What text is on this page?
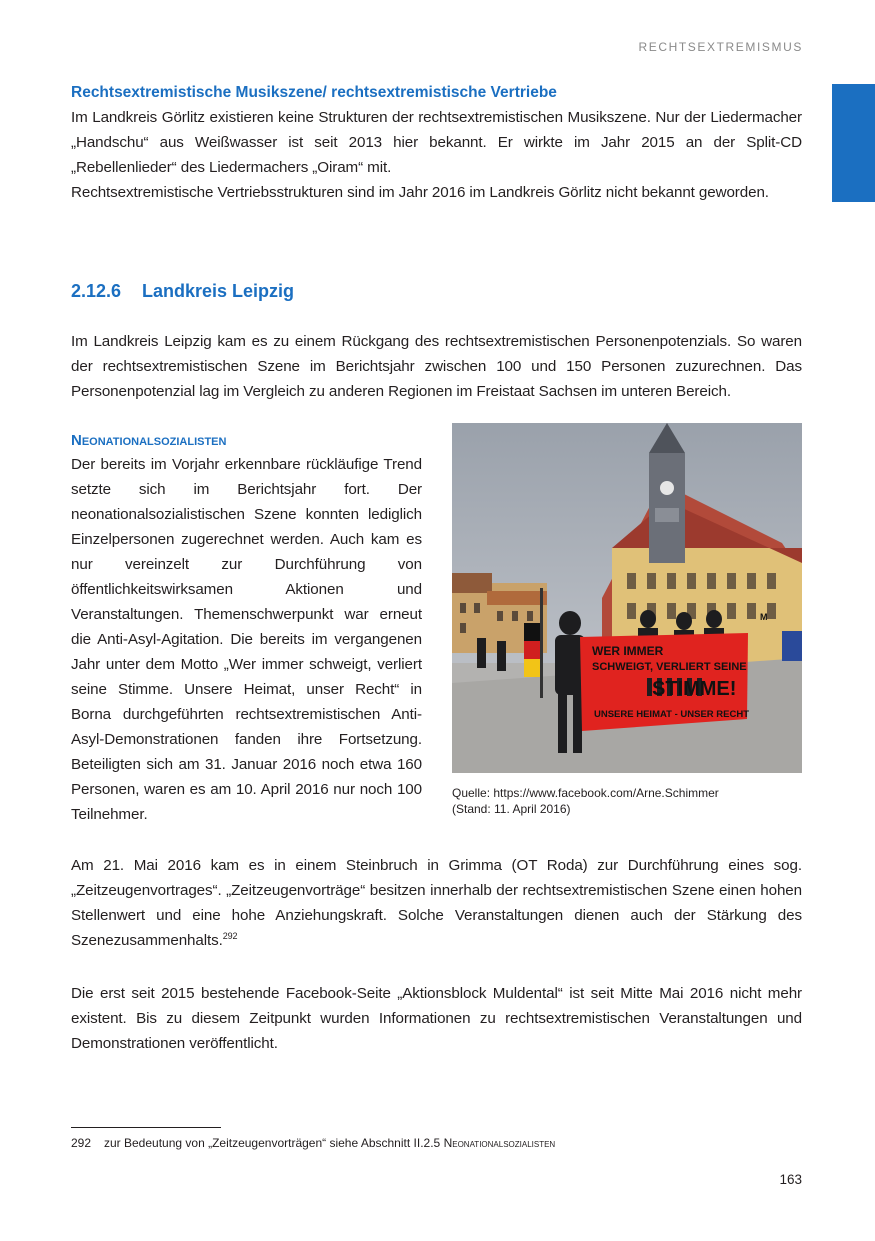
RECHTSEXTREMISMUS
Rechtsextremistische Musikszene/ rechtsextremistische Vertriebe

Im Landkreis Görlitz existieren keine Strukturen der rechtsextremistischen Musikszene. Nur der Liedermacher „Handschu“ aus Weißwasser ist seit 2013 hier bekannt. Er wirkte im Jahr 2015 an der Split-CD „Rebellenlieder“ des Liedermachers „Oiram“ mit.

Rechtsextremistische Vertriebsstrukturen sind im Jahr 2016 im Landkreis Görlitz nicht bekannt geworden.

2.12.6 Landkreis Leipzig

Im Landkreis Leipzig kam es zu einem Rückgang des rechtsextremistischen Personenpotenzials. So waren der rechtsextremistischen Szene im Berichtsjahr zwischen 100 und 150 Personen zuzurechnen. Das Personenpotenzial lag im Vergleich zu anderen Regionen im Freistaat Sachsen im unteren Bereich.

Neonationalsozialisten

Der bereits im Vorjahr erkennbare rückläufige Trend setzte sich im Berichtsjahr fort. Der neonationalsozialistischen Szene konnten lediglich Einzelpersonen zugerechnet werden. Auch kam es nur vereinzelt zur Durchführung von öffentlichkeitswirksamen Aktionen und Veranstaltungen. Themenschwerpunkt war erneut die Anti-Asyl-Agitation. Die bereits im vergangenen Jahr unter dem Motto „Wer immer schweigt, verliert seine Stimme. Unsere Heimat, unser Recht“ in Borna durchgeführten rechtsextremistischen Anti-Asyl-Demonstrationen fanden ihre Fortsetzung. Beteiligten sich am 31. Januar 2016 noch etwa 160 Personen, waren es am 10. April 2016 nur noch 100 Teilnehmer.

WER IMMER
SCHWEIGT, VERLIERT SEINE
STIMME!
UNSERE HEIMAT - UNSER RECHT
M
Quelle: https://www.facebook.com/Arne.Schimmer
(Stand: 11. April 2016)

Am 21. Mai 2016 kam es in einem Steinbruch in Grimma (OT Roda) zur Durchführung eines sog. „Zeitzeugenvortrages“. „Zeitzeugenvorträge“ besitzen innerhalb der rechtsextremistischen Szene einen hohen Stellenwert und eine hohe Anziehungskraft. Solche Veranstaltungen dienen auch der Stärkung des Szenezusammenhalts.$^{292}$

Die erst seit 2015 bestehende Facebook-Seite „Aktionsblock Muldental“ ist seit Mitte Mai 2016 nicht mehr existent. Bis zu diesem Zeitpunkt wurden Informationen zu rechtsextremistischen Veranstaltungen und Demonstrationen veröffentlicht.

292 zur Bedeutung von „Zeitzeugenvorträgen“ siehe Abschnitt II.2.5 Neonationalsozialisten
163
